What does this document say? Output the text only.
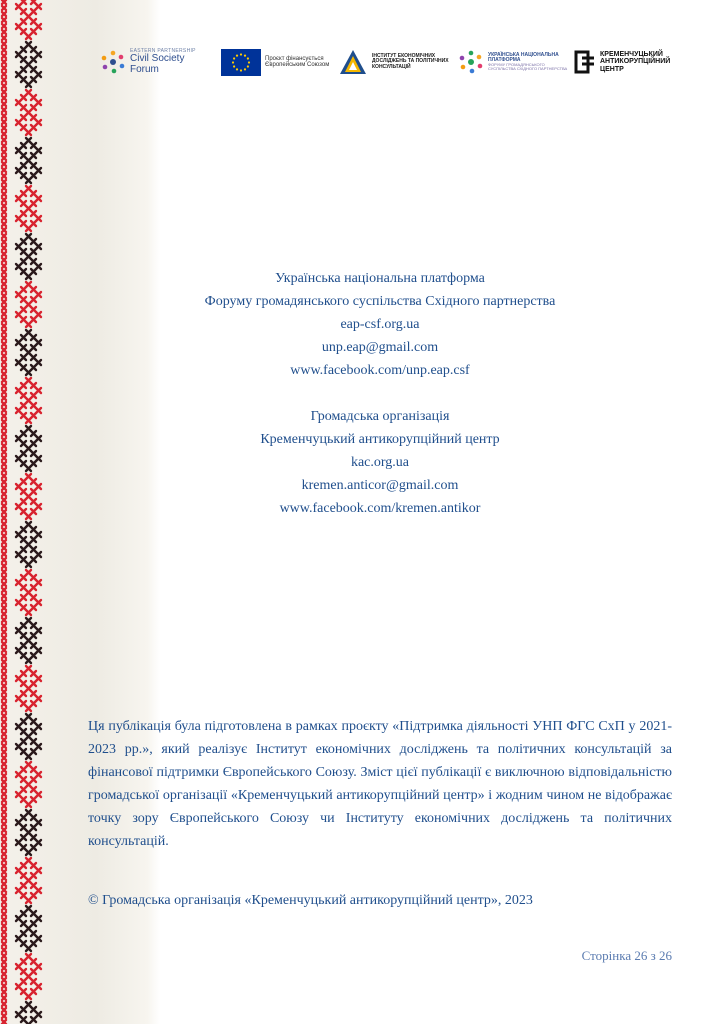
EASTERN PARTNERSHIP
Civil Society Forum
Проєкт фінансується Європейським Союзом
ІНСТИТУТ ЕКОНОМІЧНИХ ДОСЛІДЖЕНЬ ТА ПОЛІТИЧНИХ КОНСУЛЬТАЦІЙ
УКРАЇНСЬКА НАЦІОНАЛЬНА ПЛАТФОРМА
ФОРУМУ ГРОМАДЯНСЬКОГО СУСПІЛЬСТВА СХІДНОГО ПАРТНЕРСТВА
КРЕМЕНЧУЦЬКИЙ АНТИКОРУПЦІЙНИЙ ЦЕНТР
Українська національна платформа
Форуму громадянського суспільства Східного партнерства
eap-csf.org.ua
unp.eap@gmail.com
www.facebook.com/unp.eap.csf
Громадська організація
Кременчуцький антикорупційний центр
kac.org.ua
kremen.anticor@gmail.com
www.facebook.com/kremen.antikor
Ця публікація була підготовлена в рамках проєкту «Підтримка діяльності УНП ФГС СхП у 2021-2023 рр.», який реалізує Інститут економічних досліджень та політичних консультацій за фінансової підтримки Європейського Союзу. Зміст цієї публікації є виключною відповідальністю громадської організації «Кременчуцький антикорупційний центр» і жодним чином не відображає точку зору Європейського Союзу чи Інституту економічних досліджень та політичних консультацій.
© Громадська організація «Кременчуцький антикорупційний центр», 2023
Сторінка 26 з 26
